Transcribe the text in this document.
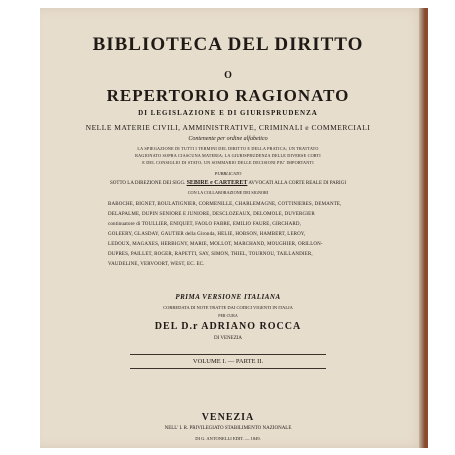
BIBLIOTECA DEL DIRITTO
O
REPERTORIO RAGIONATO
DI LEGISLAZIONE E DI GIURISPRUDENZA
NELLE MATERIE CIVILI, AMMINISTRATIVE, CRIMINALI e COMMERCIALI
Contenente per ordine alfabetico
LA SPIEGAZIONE DI TUTTI I TERMINI DEL DIRITTO E DELLA PRATICA; UN TRATTATO
RAGIONATO SOPRA CIASCUNA MATERIA; LA GIURISPRUDENZA DELLE DIVERSE CORTI
E DEL CONSIGLIO DI STATO; UN SOMMARIO DELLE DECISIONI PIU' IMPORTANTI
PUBBLICATO
SOTTO LA DIREZIONE DEI SIGG. SEBIRE e CARTERET AVVOCATI ALLA CORTE REALE DI PARIGI
CON LA COLLABORAZIONE DEI SIGNORI
BABOCHE, BIGNET, BOULATIGNIER, CORMENILLE, CHARLEMAGNE, COTTINIERES, DEMANTE,
DELAPALME, DUPIN SENIORE E JUNIORE, DESCLOZEAUX, DELOMOLE, DUVERGIER
continuatore di TOULLIER, ENIQUET, FAOLO FABRE, EMILIO FAURE, GIRCHARD,
GOLEERY, GLASDAY, GAUTIER della Gironda, HELIE, HOBSON, HAMBERT, LEROY,
LEDOUX, MAGAXES, HERBIGNY, MARIE, MOLLOT, MARCHAND, MOUGHIER, ORILLON-
DUPRES, PAILLET, ROGER, RAPETTI, SAY, SIMON, THIEL, TOURNOU, TAILLANDIER,
VAUDELINE, VERVOORT, WEST, EC. EC.
PRIMA VERSIONE ITALIANA
CORREDATA DI NOTE TRATTE DAI CODICI VIGENTI IN ITALIA
PER CURA
DEL D.r ADRIANO ROCCA
DI VENEZIA
VOLUME I. — PARTE II.
VENEZIA
NELL' I. R. PRIVILEGIATO STABILIMENTO NAZIONALE
DI G. ANTONELLI EDIT. — 1849.
